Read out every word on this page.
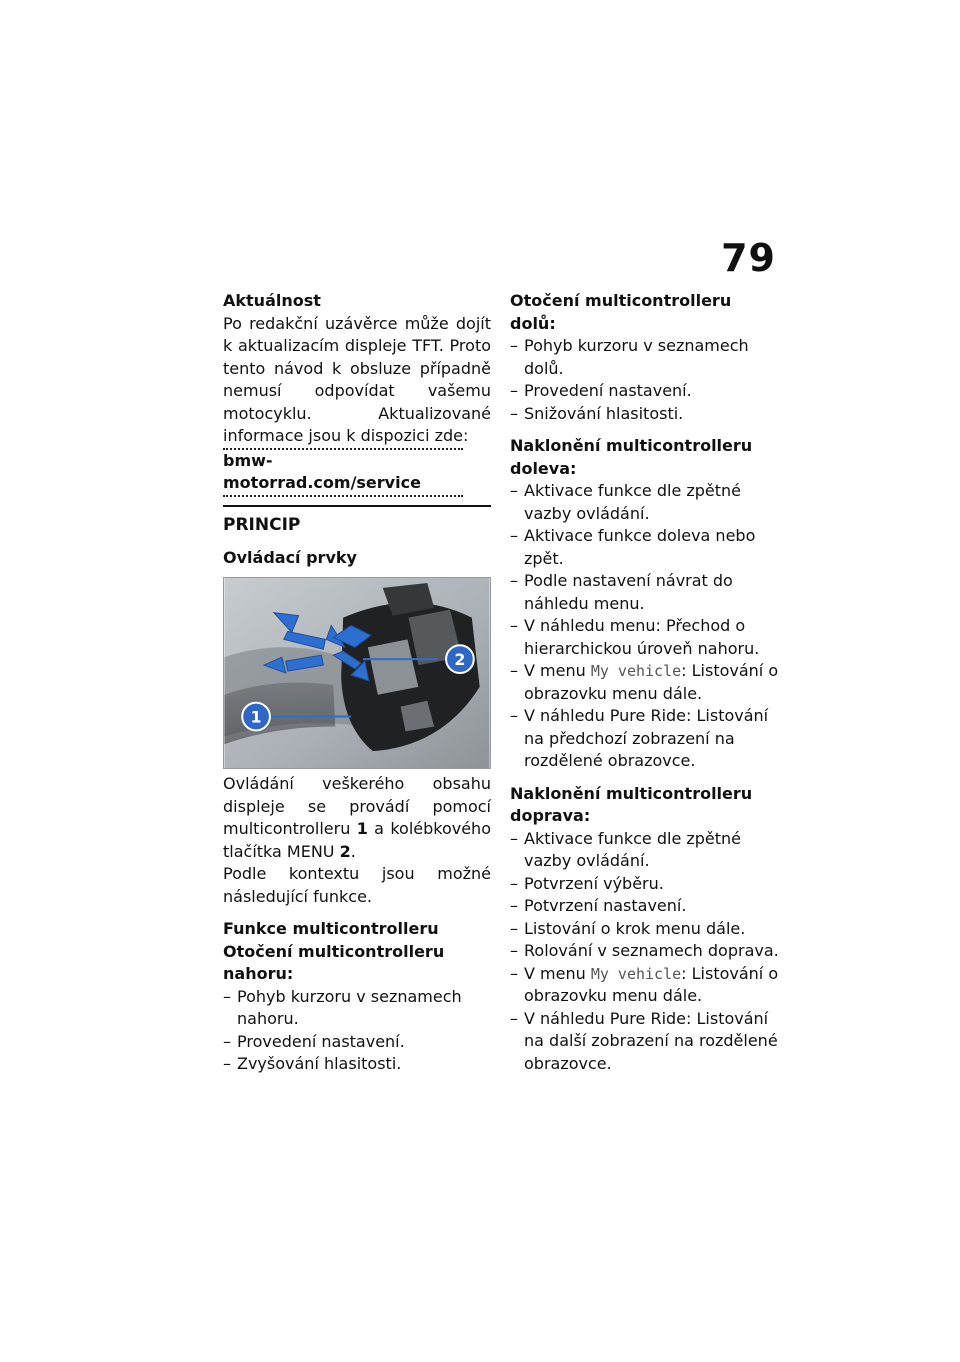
79
Aktuálnost
Po redakční uzávěrce může dojít k aktualizacím displeje TFT. Proto tento návod k obsluze případně nemusí odpovídat vašemu motocyklu. Aktualizované informace jsou k dispozici zde:
bmw-motorrad.com/service
PRINCIP
Ovládací prvky
1
2
Ovládání veškerého obsahu displeje se provádí pomocí multicontrolleru 1 a kolébkového tlačítka MENU 2.
Podle kontextu jsou možné následující funkce.
Funkce multicontrolleru
Otočení multicontrolleru nahoru:
– Pohyb kurzoru v seznamech nahoru.
– Provedení nastavení.
– Zvyšování hlasitosti.
Otočení multicontrolleru dolů:
– Pohyb kurzoru v seznamech dolů.
– Provedení nastavení.
– Snižování hlasitosti.
Naklonění multicontrolleru doleva:
– Aktivace funkce dle zpětné vazby ovládání.
– Aktivace funkce doleva nebo zpět.
– Podle nastavení návrat do náhledu menu.
– V náhledu menu: Přechod o hierarchickou úroveň nahoru.
– V menu My vehicle: Listování o obrazovku menu dále.
– V náhledu Pure Ride: Listování na předchozí zobrazení na rozdělené obrazovce.
Naklonění multicontrolleru doprava:
– Aktivace funkce dle zpětné vazby ovládání.
– Potvrzení výběru.
– Potvrzení nastavení.
– Listování o krok menu dále.
– Rolování v seznamech doprava.
– V menu My vehicle: Listování o obrazovku menu dále.
– V náhledu Pure Ride: Listování na další zobrazení na rozdělené obrazovce.
